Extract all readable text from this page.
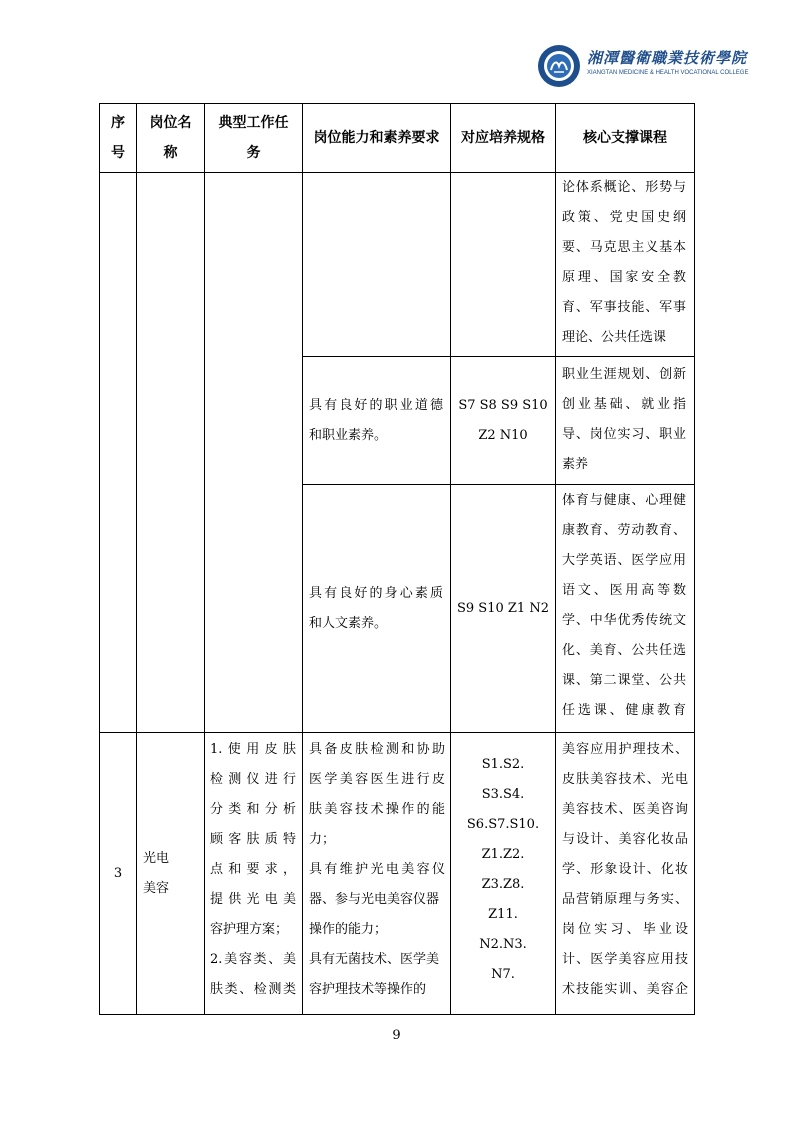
湘潭醫衛職業技術學院
XIANGTAN MEDICINE & HEALTH VOCATIONAL COLLEGE
序
号
岗位名
称
典型工作任
务
岗位能力和素养要求	对应培养规格	核心支撑课程
论体系概论、形势与
政策、党史国史纲
要、马克思主义基本
原理、国家安全教
育、军事技能、军事
理论、公共任选课
具有良好的职业道德
和职业素养。
S7 S8 S9 S10
Z2 N10
职业生涯规划、创新
创业基础、就业指
导、岗位实习、职业
素养
具有良好的身心素质
和人文素养。
S9 S10 Z1 N2
体育与健康、心理健
康教育、劳动教育、
大学英语、医学应用
语文、医用高等数
学、中华优秀传统文
化、美育、公共任选
课、第二课堂、公共
任选课、健康教育
3
光电
美容
1.使用皮肤
检测仪进行
分类和分析
顾客肤质特
点和要求，
提供光电美
容护理方案；
2.美容类、美
肤类、检测类
具备皮肤检测和协助
医学美容医生进行皮
肤美容技术操作的能
力；
具有维护光电美容仪
器、参与光电美容仪器
操作的能力；
具有无菌技术、医学美
容护理技术等操作的
S1.S2.
S3.S4.
S6.S7.S10.
Z1.Z2.
Z3.Z8.
Z11.
N2.N3.
N7.
美容应用护理技术、
皮肤美容技术、光电
美容技术、医美咨询
与设计、美容化妆品
学、形象设计、化妆
品营销原理与务实、
岗位实习、毕业设
计、医学美容应用技
术技能实训、美容企
9
